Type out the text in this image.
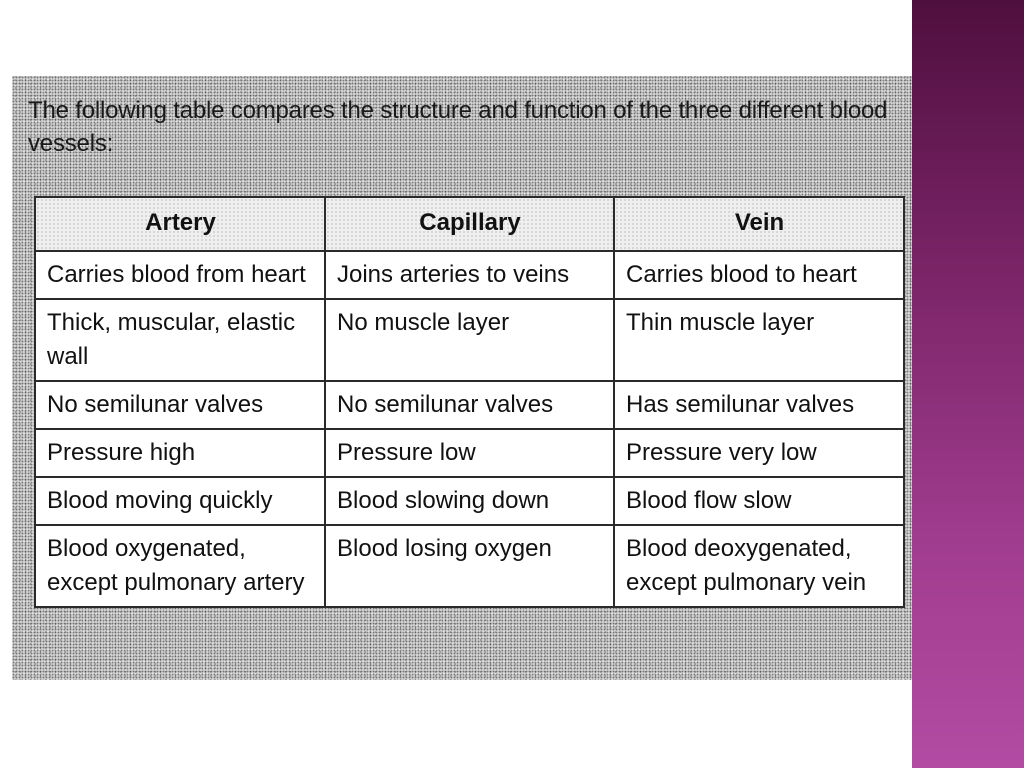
The following table compares the structure and function of the three different blood vessels:

Artery	Capillary	Vein
Carries blood from heart	Joins arteries to veins	Carries blood to heart
Thick, muscular, elastic wall	No muscle layer	Thin muscle layer
No semilunar valves	No semilunar valves	Has semilunar valves
Pressure high	Pressure low	Pressure very low
Blood moving quickly	Blood slowing down	Blood flow slow
Blood oxygenated, except pulmonary artery	Blood losing oxygen	Blood deoxygenated, except pulmonary vein
